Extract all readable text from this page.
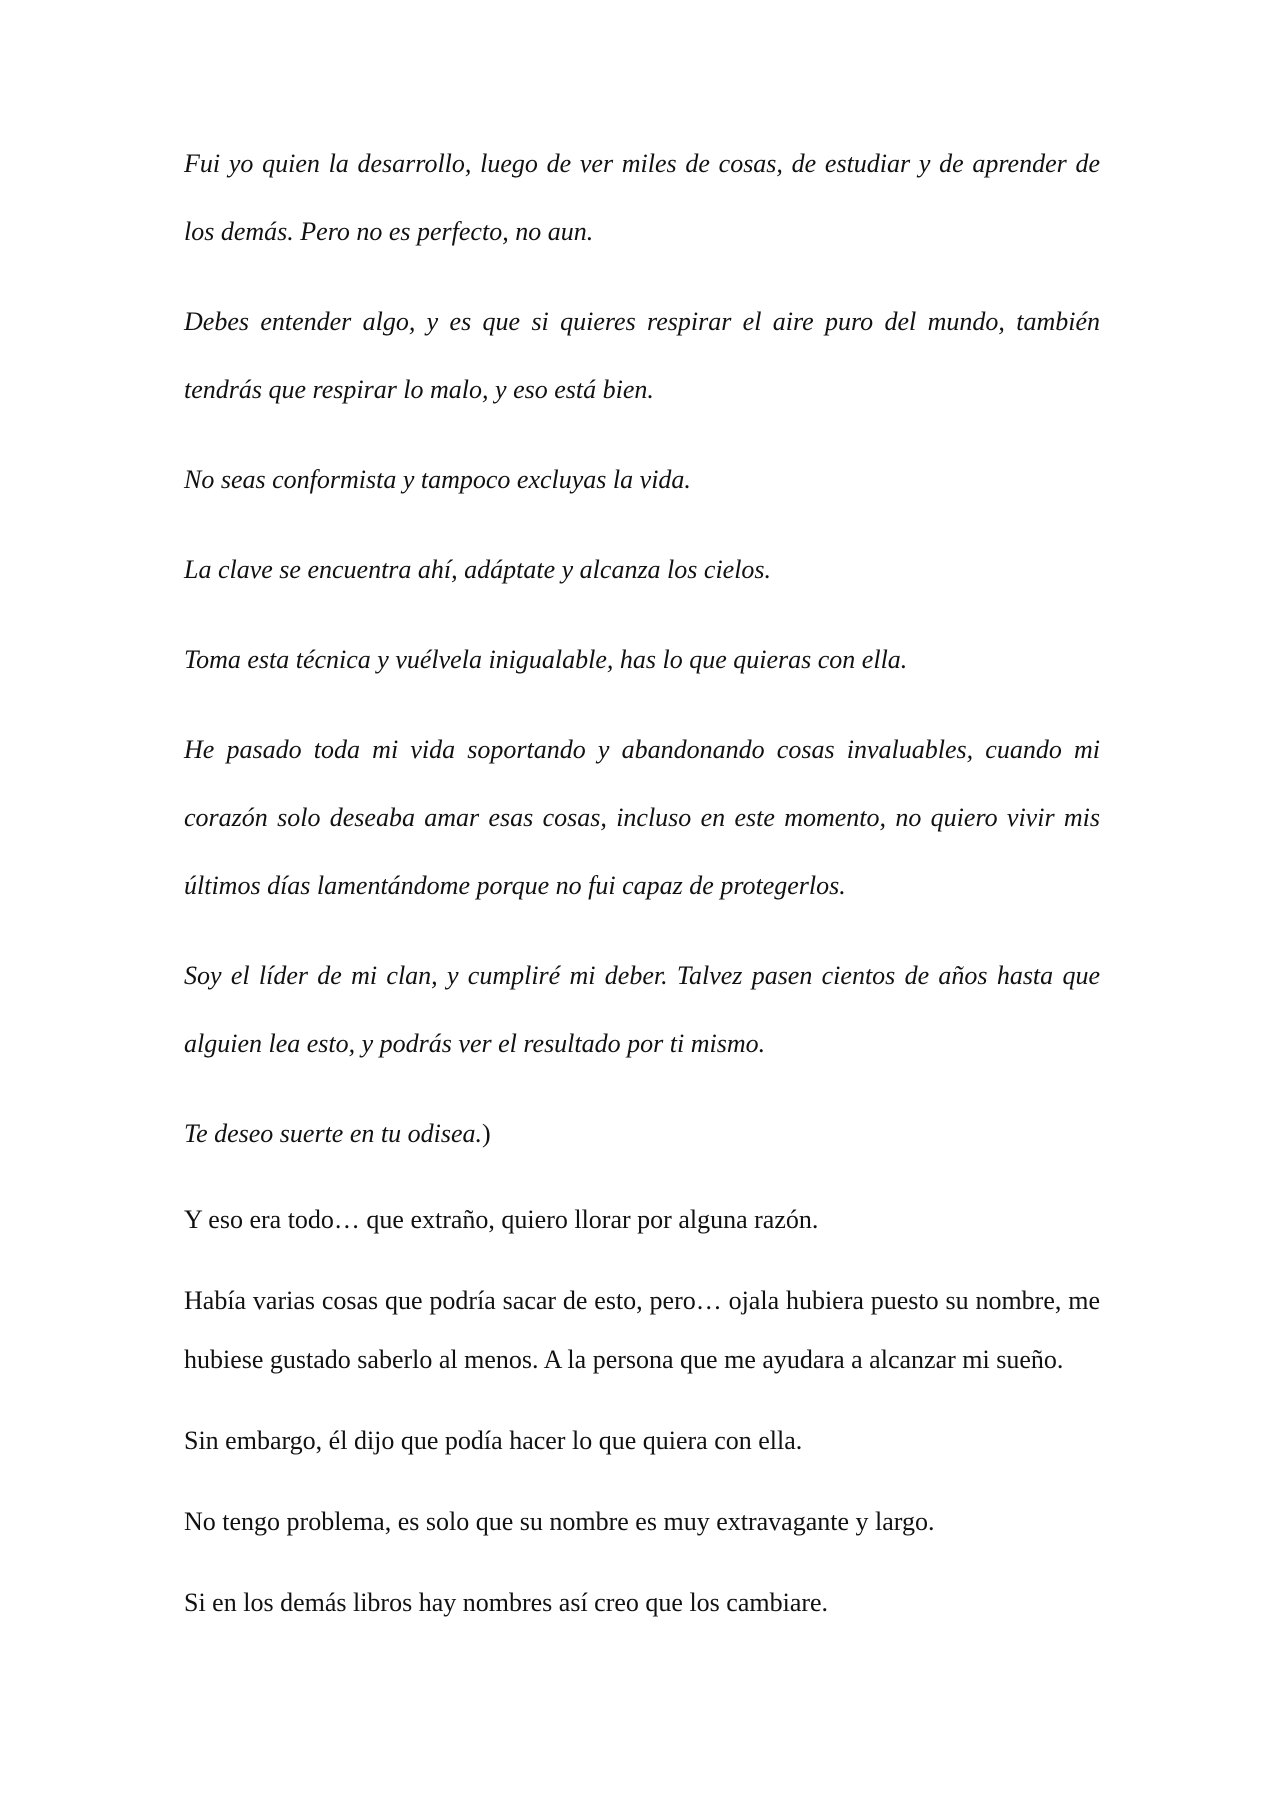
Fui yo quien la desarrollo, luego de ver miles de cosas, de estudiar y de aprender de los demás. Pero no es perfecto, no aun.

Debes entender algo, y es que si quieres respirar el aire puro del mundo, también tendrás que respirar lo malo, y eso está bien.

No seas conformista y tampoco excluyas la vida.

La clave se encuentra ahí, adáptate y alcanza los cielos.

Toma esta técnica y vuélvela inigualable, has lo que quieras con ella.

He pasado toda mi vida soportando y abandonando cosas invaluables, cuando mi corazón solo deseaba amar esas cosas, incluso en este momento, no quiero vivir mis últimos días lamentándome porque no fui capaz de protegerlos.

Soy el líder de mi clan, y cumpliré mi deber. Talvez pasen cientos de años hasta que alguien lea esto, y podrás ver el resultado por ti mismo.

Te deseo suerte en tu odisea.)

Y eso era todo… que extraño, quiero llorar por alguna razón.

Había varias cosas que podría sacar de esto, pero… ojala hubiera puesto su nombre, me hubiese gustado saberlo al menos. A la persona que me ayudara a alcanzar mi sueño.

Sin embargo, él dijo que podía hacer lo que quiera con ella.

No tengo problema, es solo que su nombre es muy extravagante y largo.

Si en los demás libros hay nombres así creo que los cambiare.
